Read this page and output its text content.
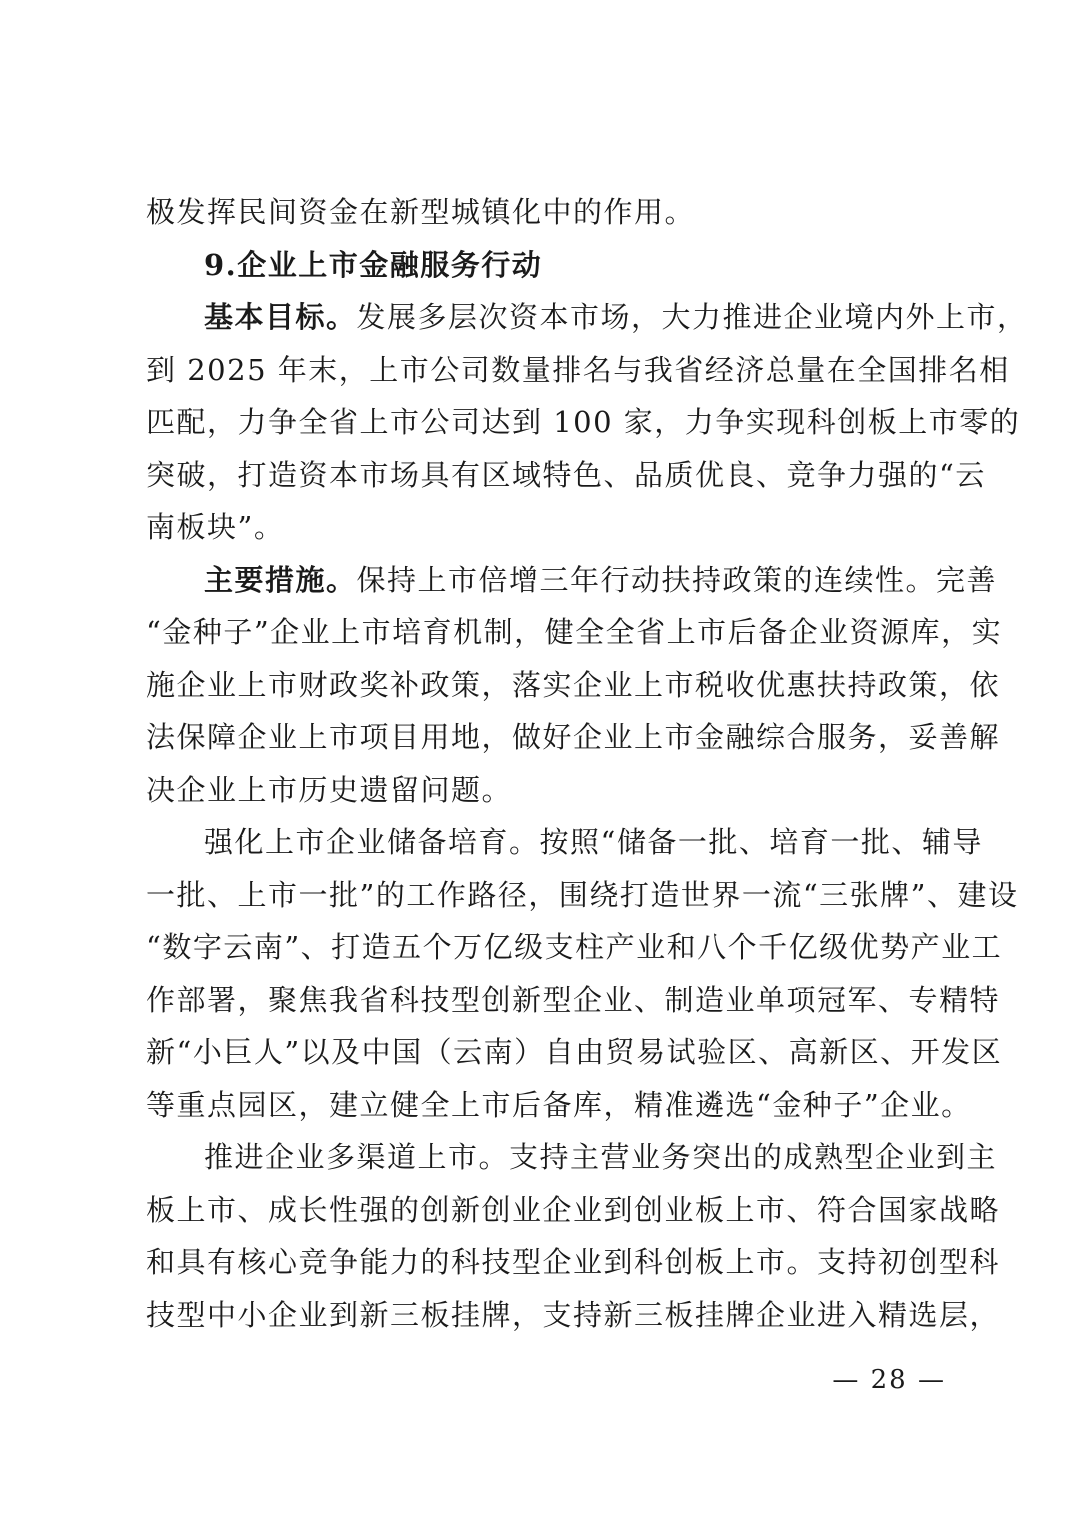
极发挥民间资金在新型城镇化中的作用。
9.企业上市金融服务行动
基本目标。发展多层次资本市场，大力推进企业境内外上市，
到 2025 年末，上市公司数量排名与我省经济总量在全国排名相
匹配，力争全省上市公司达到 100 家，力争实现科创板上市零的
突破，打造资本市场具有区域特色、品质优良、竞争力强的“云
南板块”。
主要措施。保持上市倍增三年行动扶持政策的连续性。完善
“金种子”企业上市培育机制，健全全省上市后备企业资源库，实
施企业上市财政奖补政策，落实企业上市税收优惠扶持政策，依
法保障企业上市项目用地，做好企业上市金融综合服务，妥善解
决企业上市历史遗留问题。
强化上市企业储备培育。按照“储备一批、培育一批、辅导
一批、上市一批”的工作路径，围绕打造世界一流“三张牌”、建设
“数字云南”、打造五个万亿级支柱产业和八个千亿级优势产业工
作部署，聚焦我省科技型创新型企业、制造业单项冠军、专精特
新“小巨人”以及中国（云南）自由贸易试验区、高新区、开发区
等重点园区，建立健全上市后备库，精准遴选“金种子”企业。
推进企业多渠道上市。支持主营业务突出的成熟型企业到主
板上市、成长性强的创新创业企业到创业板上市、符合国家战略
和具有核心竞争能力的科技型企业到科创板上市。支持初创型科
技型中小企业到新三板挂牌，支持新三板挂牌企业进入精选层，
— 28 —
